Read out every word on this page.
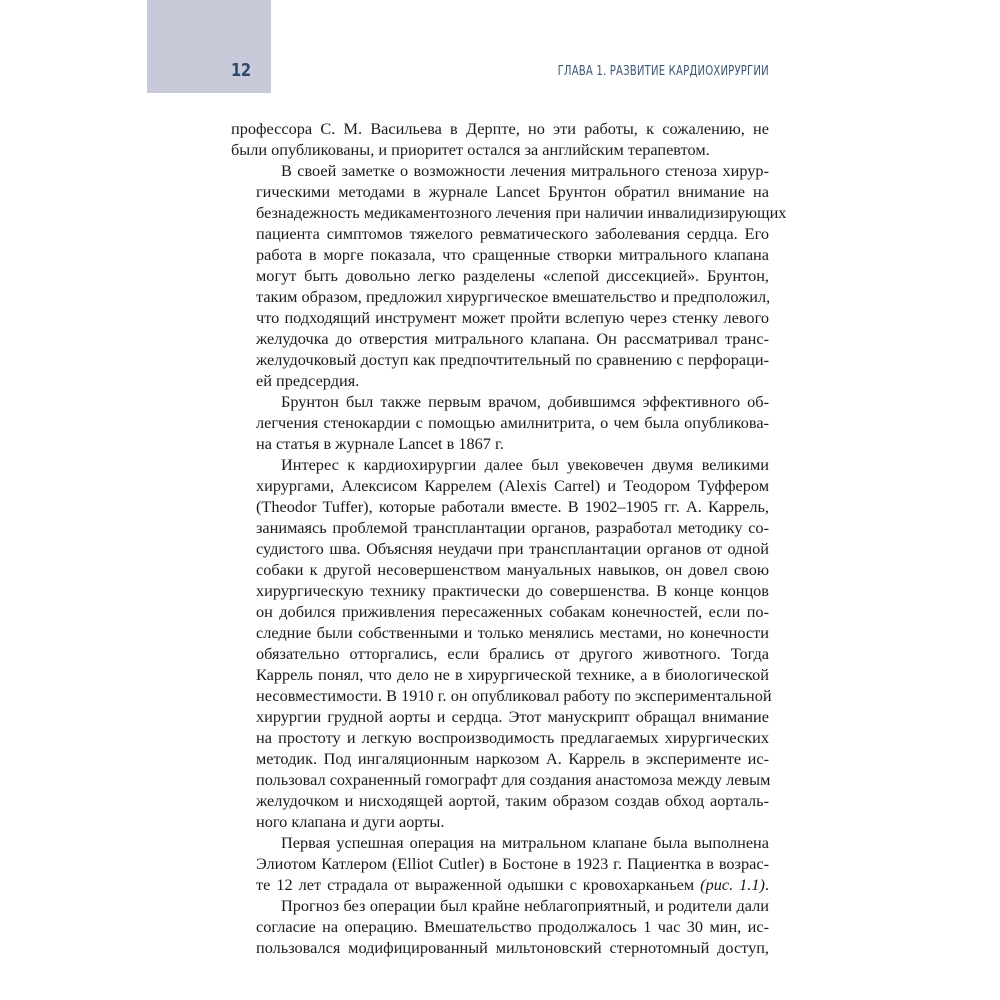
12	ГЛАВА 1. РАЗВИТИЕ КАРДИОХИРУРГИИ

профессора С. М. Васильева в Дерпте, но эти работы, к сожалению, не
были опубликованы, и приоритет остался за английским терапевтом.

В своей заметке о возможности лечения митрального стеноза хирур-
гическими методами в журнале Lancet Брунтон обратил внимание на
безнадежность медикаментозного лечения при наличии инвалидизирующих
пациента симптомов тяжелого ревматического заболевания сердца. Его
работа в морге показала, что сращенные створки митрального клапана
могут быть довольно легко разделены «слепой диссекцией». Брунтон,
таким образом, предложил хирургическое вмешательство и предположил,
что подходящий инструмент может пройти вслепую через стенку левого
желудочка до отверстия митрального клапана. Он рассматривал транс-
желудочковый доступ как предпочтительный по сравнению с перфораци-
ей предсердия.

Брунтон был также первым врачом, добившимся эффективного об-
легчения стенокардии с помощью амилнитрита, о чем была опубликова-
на статья в журнале Lancet в 1867 г.

Интерес к кардиохирургии далее был увековечен двумя великими
хирургами, Алексисом Каррелем (Alexis Carrel) и Теодором Туффером
(Theodor Tuffer), которые работали вместе. В 1902–1905 гг. А. Каррель,
занимаясь проблемой трансплантации органов, разработал методику со-
судистого шва. Объясняя неудачи при трансплантации органов от одной
собаки к другой несовершенством мануальных навыков, он довел свою
хирургическую технику практически до совершенства. В конце концов
он добился приживления пересаженных собакам конечностей, если по-
следние были собственными и только менялись местами, но конечности
обязательно отторгались, если брались от другого животного. Тогда
Каррель понял, что дело не в хирургической технике, а в биологической
несовместимости. В 1910 г. он опубликовал работу по экспериментальной
хирургии грудной аорты и сердца. Этот манускрипт обращал внимание
на простоту и легкую воспроизводимость предлагаемых хирургических
методик. Под ингаляционным наркозом А. Каррель в эксперименте ис-
пользовал сохраненный гомографт для создания анастомоза между левым
желудочком и нисходящей аортой, таким образом создав обход аорталь-
ного клапана и дуги аорты.

Первая успешная операция на митральном клапане была выполнена
Элиотом Катлером (Elliot Cutler) в Бостоне в 1923 г. Пациентка в возрас-
те 12 лет страдала от выраженной одышки с кровохарканьем (рис. 1.1).

Прогноз без операции был крайне неблагоприятный, и родители дали
согласие на операцию. Вмешательство продолжалось 1 час 30 мин, ис-
пользовался модифицированный мильтоновский стернотомный доступ,
